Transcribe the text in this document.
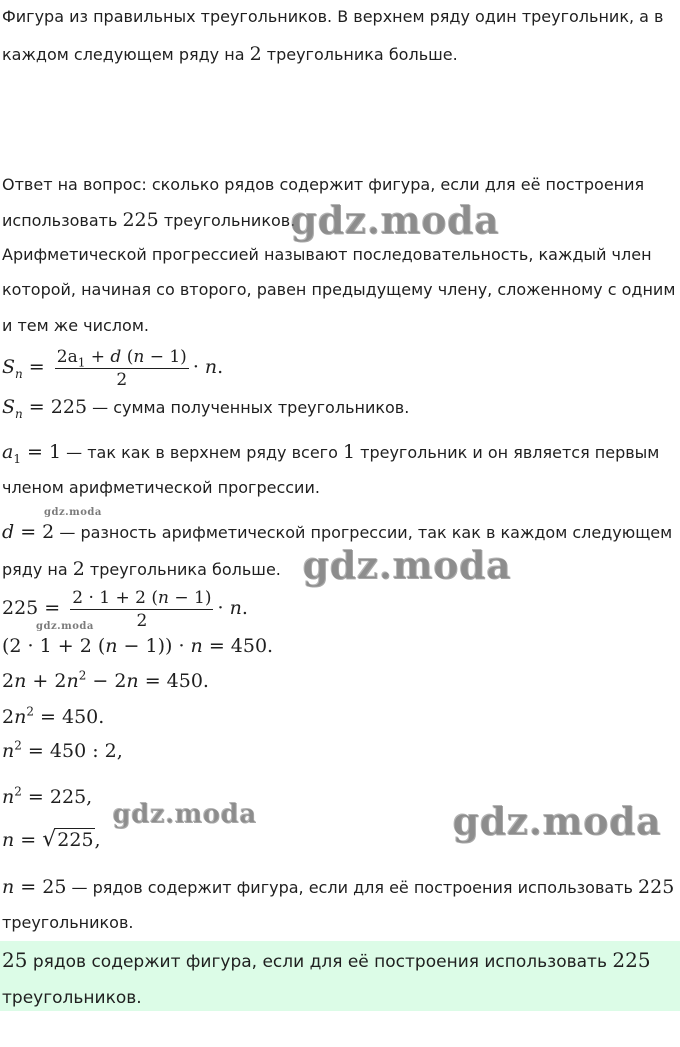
Фигура из правильных треугольников. В верхнем ряду один треугольник, а в

каждом следующем ряду на 2 треугольника больше.

Ответ на вопрос: сколько рядов содержит фигура, если для её построения

использовать 225 треугольников.

Арифметической прогрессией называют последовательность, каждый член

которой, начиная со второго, равен предыдущему члену, сложенному с одним

и тем же числом.

$S_n = \frac{2a_1 + d (n - 1)}{2} \cdot n$.

$S_n = 225$ — сумма полученных треугольников.

$a_1 = 1$ — так как в верхнем ряду всего 1 треугольник и он является первым

членом арифметической прогрессии.

d = 2 — разность арифметической прогрессии, так как в каждом следующем

ряду на 2 треугольника больше.

$225 = \frac{2 \cdot 1 + 2 (n - 1)}{2} \cdot n$.

(2 · 1 + 2 (n − 1)) · n = 450.

$2n + 2n^2 - 2n = 450$.

$2n^2 = 450$.

$n^2 = 450$ : 2,

$n^2 = 225$,

n = √225,

n = 25 — рядов содержит фигура, если для её построения использовать 225

треугольников.

25 рядов содержит фигура, если для её построения использовать 225

треугольников.

gdz.moda

gdz.moda

gdz.moda

gdz.moda

gdz.moda

gdz.moda
